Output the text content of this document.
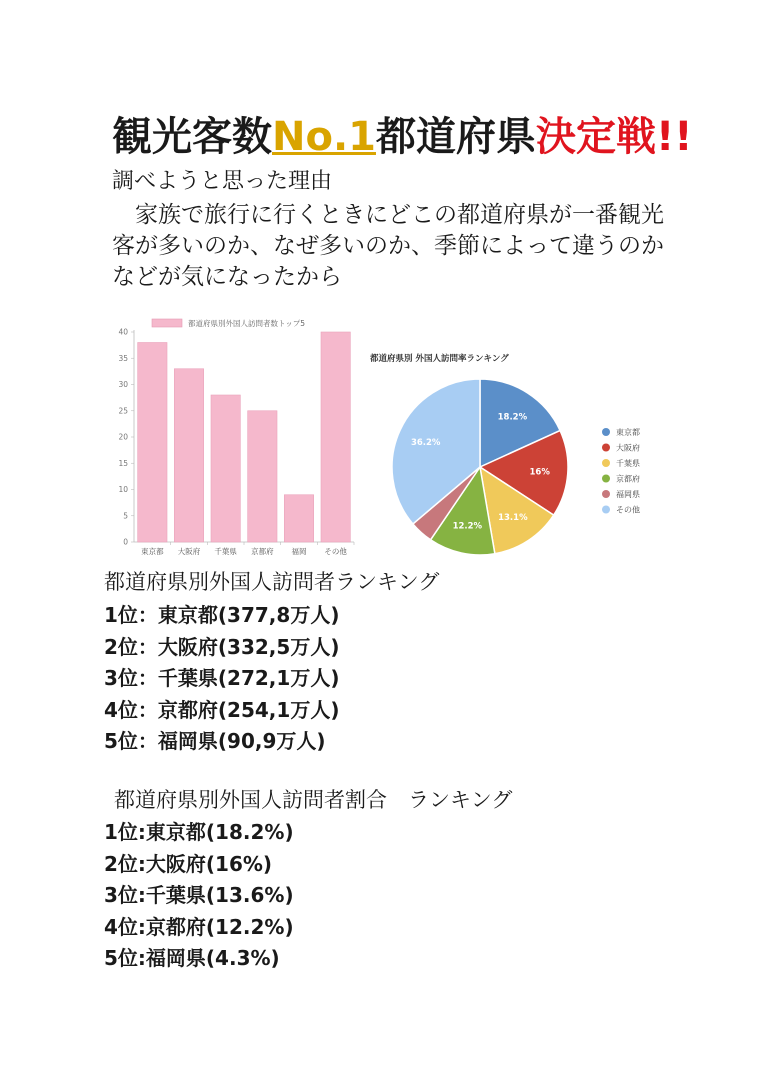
観光客数No.1都道府県決定戦!!
調べようと思った理由
　家族で旅行に行くときにどこの都道府県が一番観光客が多いのか、なぜ多いのか、季節によって違うのかなどが気になったから
都道府県別外国人訪問者数トップ5
0
5
10
15
20
25
30
35
40
東京都 大阪府 千葉県 京都府 福岡 その他
都道府県別 外国人訪問率ランキング
18.2%
16%
13.1%
12.2%
36.2%
東京都
大阪府
千葉県
京都府
福岡県
その他
都道府県別外国人訪問者ランキング
1位：東京都(377,8万人)
2位：大阪府(332,5万人)
3位：千葉県(272,1万人)
4位：京都府(254,1万人)
5位：福岡県(90,9万人)
都道府県別外国人訪問者割合　ランキング
1位:東京都(18.2%)
2位:大阪府(16%)
3位:千葉県(13.6%)
4位:京都府(12.2%)
5位:福岡県(4.3%)
